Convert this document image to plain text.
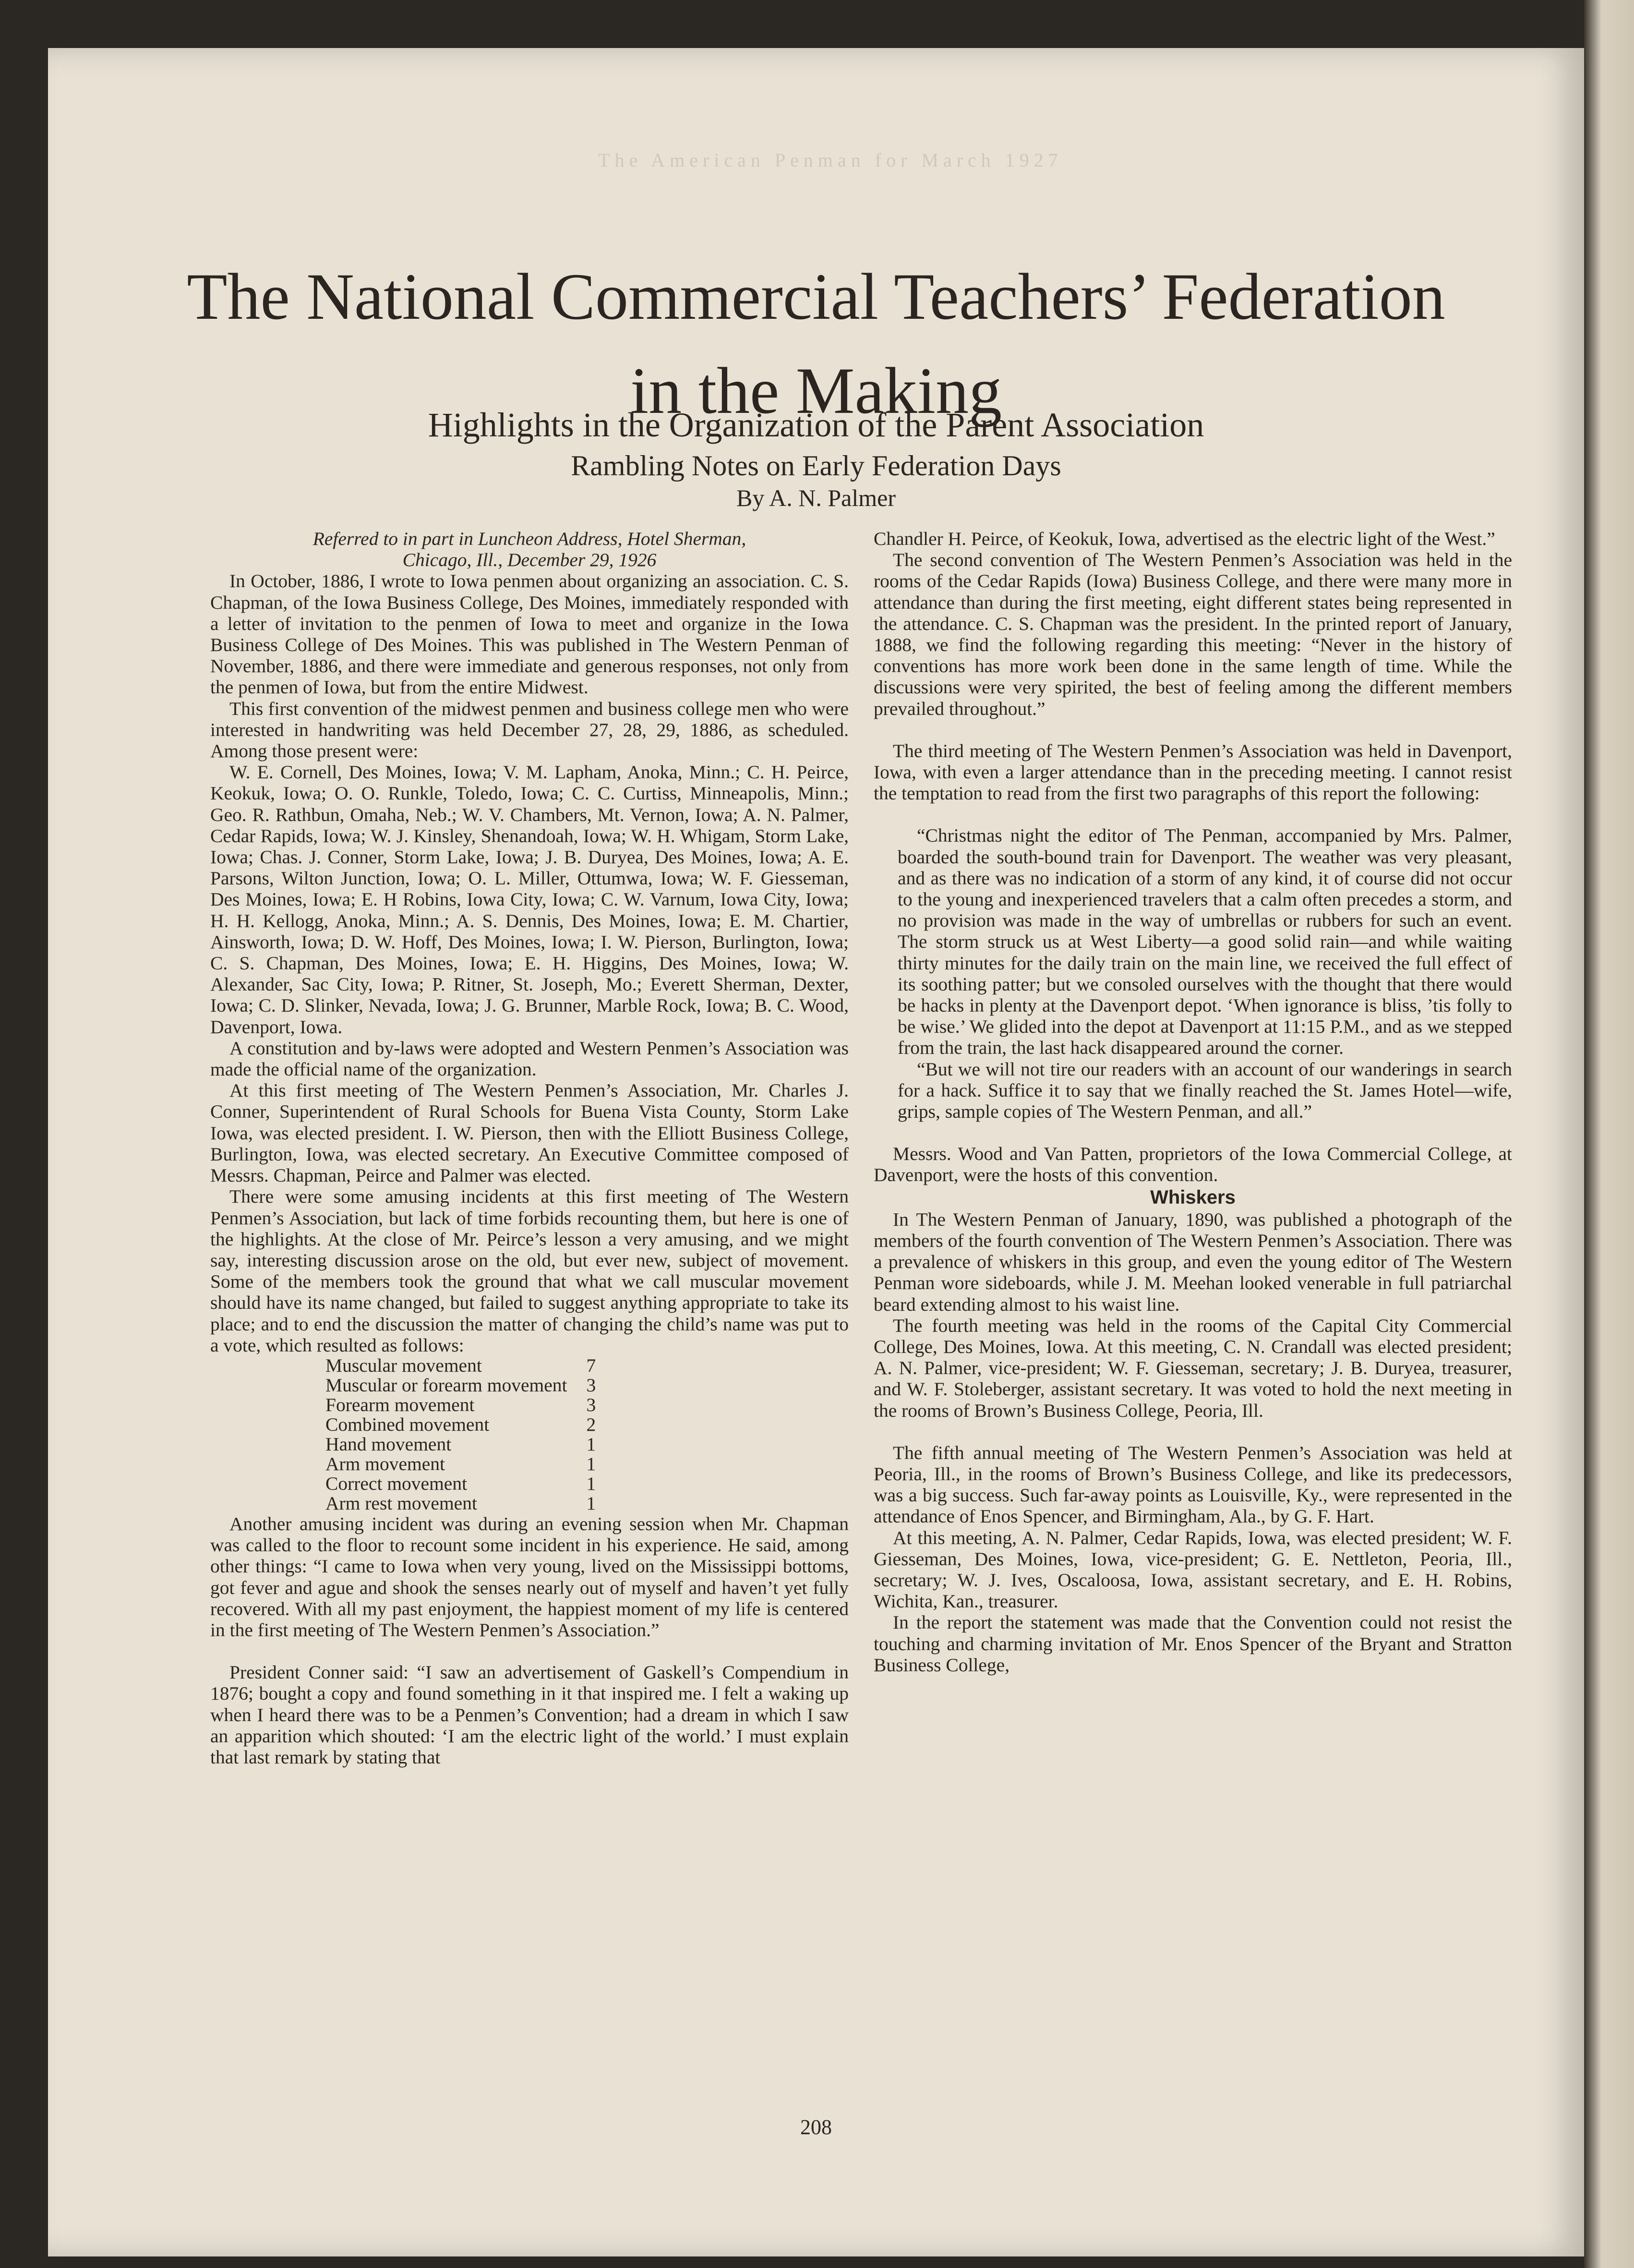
The American Penman for March 1927
The National Commercial Teachers’ Federation
in the Making
Highlights in the Organization of the Parent Association
Rambling Notes on Early Federation Days
By A. N. Palmer

Referred to in part in Luncheon Address, Hotel Sherman,

Chicago, Ill., December 29, 1926

In October, 1886, I wrote to Iowa penmen about organizing an association. C. S. Chapman, of the Iowa Business College, Des Moines, immediately responded with a letter of invitation to the penmen of Iowa to meet and organize in the Iowa Business College of Des Moines. This was published in The Western Penman of November, 1886, and there were immediate and generous responses, not only from the penmen of Iowa, but from the entire Midwest.

This first convention of the midwest penmen and business college men who were interested in handwriting was held December 27, 28, 29, 1886, as scheduled. Among those present were:

W. E. Cornell, Des Moines, Iowa; V. M. Lapham, Anoka, Minn.; C. H. Peirce, Keokuk, Iowa; O. O. Runkle, Toledo, Iowa; C. C. Curtiss, Minneapolis, Minn.; Geo. R. Rathbun, Omaha, Neb.; W. V. Chambers, Mt. Vernon, Iowa; A. N. Palmer, Cedar Rapids, Iowa; W. J. Kinsley, Shenandoah, Iowa; W. H. Whigam, Storm Lake, Iowa; Chas. J. Conner, Storm Lake, Iowa; J. B. Duryea, Des Moines, Iowa; A. E. Parsons, Wilton Junction, Iowa; O. L. Miller, Ottumwa, Iowa; W. F. Giesseman, Des Moines, Iowa; E. H Robins, Iowa City, Iowa; C. W. Varnum, Iowa City, Iowa; H. H. Kellogg, Anoka, Minn.; A. S. Dennis, Des Moines, Iowa; E. M. Chartier, Ainsworth, Iowa; D. W. Hoff, Des Moines, Iowa; I. W. Pierson, Burlington, Iowa; C. S. Chapman, Des Moines, Iowa; E. H. Higgins, Des Moines, Iowa; W. Alexander, Sac City, Iowa; P. Ritner, St. Joseph, Mo.; Everett Sherman, Dexter, Iowa; C. D. Slinker, Nevada, Iowa; J. G. Brunner, Marble Rock, Iowa; B. C. Wood, Davenport, Iowa.

A constitution and by-laws were adopted and Western Penmen’s Association was made the official name of the organization.

At this first meeting of The Western Penmen’s Association, Mr. Charles J. Conner, Superintendent of Rural Schools for Buena Vista County, Storm Lake Iowa, was elected president. I. W. Pierson, then with the Elliott Business College, Burlington, Iowa, was elected secretary. An Executive Committee composed of Messrs. Chapman, Peirce and Palmer was elected.

There were some amusing incidents at this first meeting of The Western Penmen’s Association, but lack of time forbids recounting them, but here is one of the highlights. At the close of Mr. Peirce’s lesson a very amusing, and we might say, interesting discussion arose on the old, but ever new, subject of movement. Some of the members took the ground that what we call muscular movement should have its name changed, but failed to suggest anything appropriate to take its place; and to end the discussion the matter of changing the child’s name was put to a vote, which resulted as follows:

Muscular movement	7
Muscular or forearm movement	3
Forearm movement	3
Combined movement	2
Hand movement	1
Arm movement	1
Correct movement	1
Arm rest movement	1

Another amusing incident was during an evening session when Mr. Chapman was called to the floor to recount some incident in his experience. He said, among other things: “I came to Iowa when very young, lived on the Mississippi bottoms, got fever and ague and shook the senses nearly out of myself and haven’t yet fully recovered. With all my past enjoyment, the happiest moment of my life is centered in the first meeting of The Western Penmen’s Association.”

President Conner said: “I saw an advertisement of Gaskell’s Compendium in 1876; bought a copy and found something in it that inspired me. I felt a waking up when I heard there was to be a Penmen’s Convention; had a dream in which I saw an apparition which shouted: ‘I am the electric light of the world.’ I must explain that last remark by stating that

Chandler H. Peirce, of Keokuk, Iowa, advertised as the electric light of the West.”

The second convention of The Western Penmen’s Association was held in the rooms of the Cedar Rapids (Iowa) Business College, and there were many more in attendance than during the first meeting, eight different states being represented in the attendance. C. S. Chapman was the president. In the printed report of January, 1888, we find the following regarding this meeting: “Never in the history of conventions has more work been done in the same length of time. While the discussions were very spirited, the best of feeling among the different members prevailed throughout.”

The third meeting of The Western Penmen’s Association was held in Davenport, Iowa, with even a larger attendance than in the preceding meeting. I cannot resist the temptation to read from the first two paragraphs of this report the following:

“Christmas night the editor of The Penman, accompanied by Mrs. Palmer, boarded the south-bound train for Davenport. The weather was very pleasant, and as there was no indication of a storm of any kind, it of course did not occur to the young and inexperienced travelers that a calm often precedes a storm, and no provision was made in the way of umbrellas or rubbers for such an event. The storm struck us at West Liberty—a good solid rain—and while waiting thirty minutes for the daily train on the main line, we received the full effect of its soothing patter; but we consoled ourselves with the thought that there would be hacks in plenty at the Davenport depot. ‘When ignorance is bliss, ’tis folly to be wise.’ We glided into the depot at Davenport at 11:15 P.M., and as we stepped from the train, the last hack disappeared around the corner.

“But we will not tire our readers with an account of our wanderings in search for a hack. Suffice it to say that we finally reached the St. James Hotel—wife, grips, sample copies of The Western Penman, and all.”

Messrs. Wood and Van Patten, proprietors of the Iowa Commercial College, at Davenport, were the hosts of this convention.

Whiskers

In The Western Penman of January, 1890, was published a photograph of the members of the fourth convention of The Western Penmen’s Association. There was a prevalence of whiskers in this group, and even the young editor of The Western Penman wore sideboards, while J. M. Meehan looked venerable in full patriarchal beard extending almost to his waist line.

The fourth meeting was held in the rooms of the Capital City Commercial College, Des Moines, Iowa. At this meeting, C. N. Crandall was elected president; A. N. Palmer, vice-president; W. F. Giesseman, secretary; J. B. Duryea, treasurer, and W. F. Stoleberger, assistant secretary. It was voted to hold the next meeting in the rooms of Brown’s Business College, Peoria, Ill.

The fifth annual meeting of The Western Penmen’s Association was held at Peoria, Ill., in the rooms of Brown’s Business College, and like its predecessors, was a big success. Such far-away points as Louisville, Ky., were represented in the attendance of Enos Spencer, and Birmingham, Ala., by G. F. Hart.

At this meeting, A. N. Palmer, Cedar Rapids, Iowa, was elected president; W. F. Giesseman, Des Moines, Iowa, vice-president; G. E. Nettleton, Peoria, Ill., secretary; W. J. Ives, Oscaloosa, Iowa, assistant secretary, and E. H. Robins, Wichita, Kan., treasurer.

In the report the statement was made that the Convention could not resist the touching and charming invitation of Mr. Enos Spencer of the Bryant and Stratton Business College,

208
